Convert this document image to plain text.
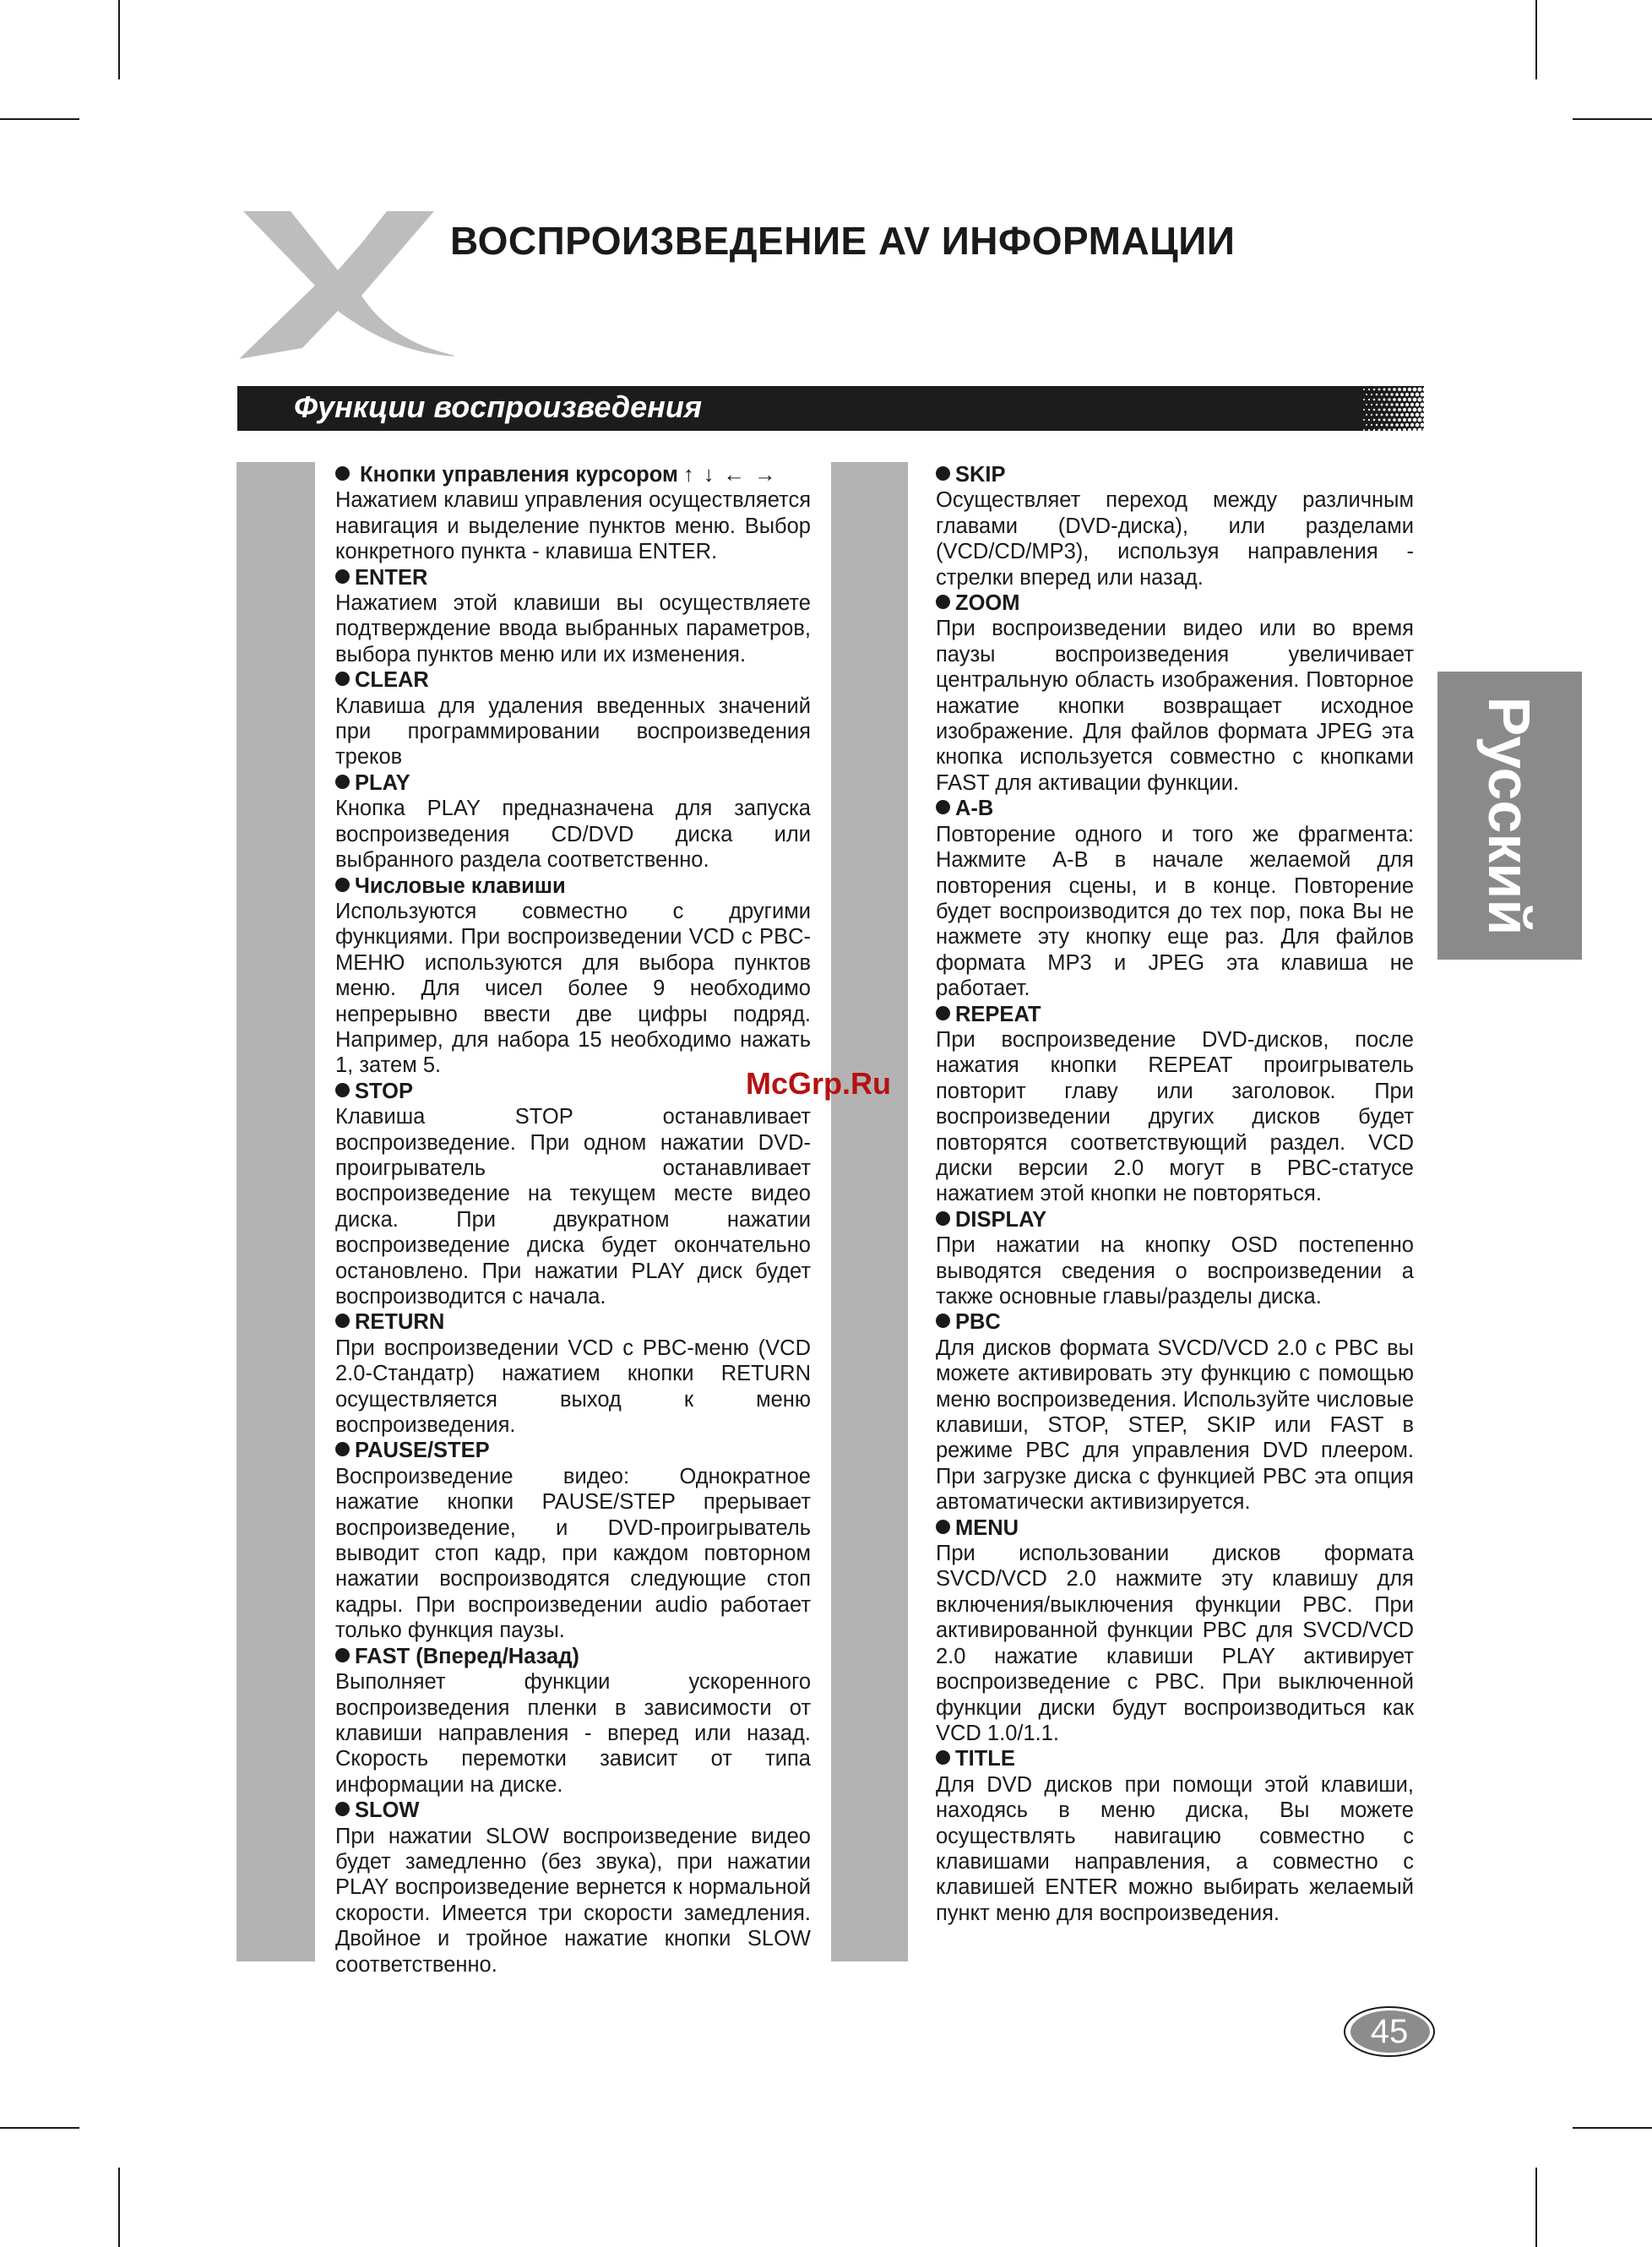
ВОСПРОИЗВЕДЕНИЕ AV ИНФОРМАЦИИ
Функции воспроизведения
Русский
Кнопки управления курсором ↑ ↓ ← →

Нажатием клавиш управления осуществляется навигация и выделение пунктов меню. Выбор конкретного пункта - клавиша ENTER.

ENTER

Нажатием этой клавиши вы осуществляете подтверждение ввода выбранных параметров, выбора пунктов меню или их изменения.

CLEAR

Клавиша для удаления введенных значений при программировании воспроизведения треков

PLAY

Кнопка PLAY предназначена для запуска воспроизведения CD/DVD диска или выбранного раздела соответственно.

Числовые клавиши

Используются совместно с другими функциями. При воспроизведении VCD с PBC-МЕНЮ используются для выбора пунктов меню. Для чисел более 9 необходимо непрерывно ввести две цифры подряд. Например, для набора 15 необходимо нажать 1, затем 5.

STOP

Клавиша STOP останавливает воспроизведение. При одном нажатии DVD-проигрыватель останавливает воспроизведение на текущем месте видео диска. При двукратном нажатии воспроизведение диска будет окончательно остановлено. При нажатии PLAY диск будет воспроизводится с начала.

RETURN

При воспроизведении VCD с PBC-меню (VCD 2.0-Стандатр) нажатием кнопки RETURN осуществляется выход к меню воспроизведения.

PAUSE/STEP

Воспроизведение видео: Однократное нажатие кнопки PAUSE/STEP прерывает воспроизведение, и DVD-проигрыватель выводит стоп кадр, при каждом повторном нажатии воспроизводятся следующие стоп кадры. При воспроизведении audio работает только функция паузы.

FAST (Вперед/Назад)

Выполняет функции ускоренного воспроизведения пленки в зависимости от клавиши направления - вперед или назад. Скорость перемотки зависит от типа информации на диске.

SLOW

При нажатии SLOW воспроизведение видео будет замедленно (без звука), при нажатии PLAY воспроизведение вернется к нормальной скорости. Имеется три скорости замедления. Двойное и тройное нажатие кнопки SLOW соответственно.

SKIP

Осуществляет переход между различным главами (DVD-диска), или разделами (VCD/CD/MP3), используя направления - стрелки вперед или назад.

ZOOM

При воспроизведении видео или во время паузы воспроизведения увеличивает центральную область изображения. Повторное нажатие кнопки возвращает исходное изображение. Для файлов формата JPEG эта кнопка используется совместно с кнопками FAST для активации функции.

A-B

Повторение одного и того же фрагмента: Нажмите A-B в начале желаемой для повторения сцены, и в конце. Повторение будет воспроизводится до тех пор, пока Вы не нажмете эту кнопку еще раз. Для файлов формата MP3 и JPEG эта клавиша не работает.

REPEAT

При воспроизведение DVD-дисков, после нажатия кнопки REPEAT проигрыватель повторит главу или заголовок. При воспроизведении других дисков будет повторятся соответствующий раздел. VCD диски версии 2.0 могут в PBC-статусе нажатием этой кнопки не повторяться.

DISPLAY

При нажатии на кнопку OSD постепенно выводятся сведения о воспроизведении а также основные главы/разделы диска.

PBC

Для дисков формата SVCD/VCD 2.0 с PBC вы можете активировать эту функцию с помощью меню воспроизведения. Используйте числовые клавиши, STOP, STEP, SKIP или FAST в режиме PBC для управления DVD плеером. При загрузке диска с функцией PBC эта опция автоматически активизируется.

MENU

При использовании дисков формата SVCD/VCD 2.0 нажмите эту клавишу для включения/выключения функции PBC. При активированной функции PBC для SVCD/VCD 2.0 нажатие клавиши PLAY активирует воспроизведение с PBC. При выключенной функции диски будут воспроизводиться как VCD 1.0/1.1.

TITLE

Для DVD дисков при помощи этой клавиши, находясь в меню диска, Вы можете осуществлять навигацию совместно с клавишами направления, а совместно с клавишей ENTER можно выбирать желаемый пункт меню для воспроизведения.

McGrp.Ru
45
